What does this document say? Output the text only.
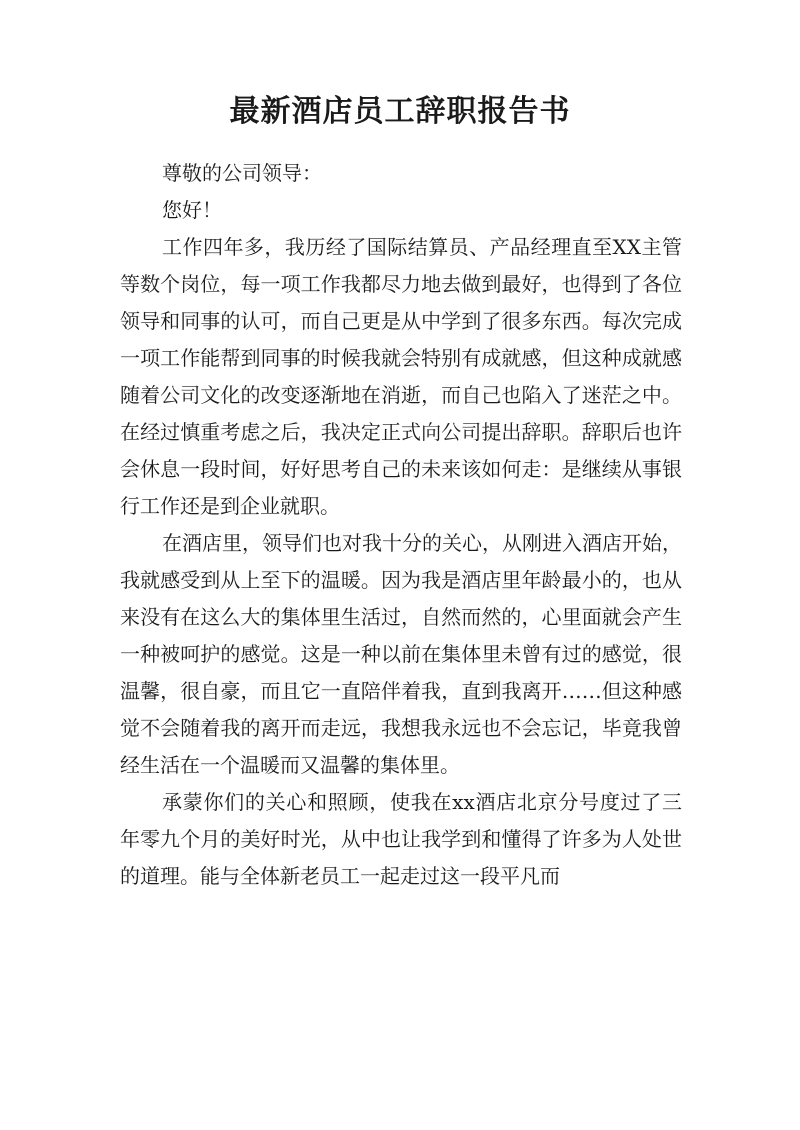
最新酒店员工辞职报告书

尊敬的公司领导：

您好！

工作四年多，我历经了国际结算员、产品经理直至XX主管等数个岗位，每一项工作我都尽力地去做到最好，也得到了各位领导和同事的认可，而自己更是从中学到了很多东西。每次完成一项工作能帮到同事的时候我就会特别有成就感，但这种成就感随着公司文化的改变逐渐地在消逝，而自己也陷入了迷茫之中。在经过慎重考虑之后，我决定正式向公司提出辞职。辞职后也许会休息一段时间，好好思考自己的未来该如何走：是继续从事银行工作还是到企业就职。

在酒店里，领导们也对我十分的关心，从刚进入酒店开始，我就感受到从上至下的温暖。因为我是酒店里年龄最小的，也从来没有在这么大的集体里生活过，自然而然的，心里面就会产生一种被呵护的感觉。这是一种以前在集体里未曾有过的感觉，很温馨，很自豪，而且它一直陪伴着我，直到我离开……但这种感觉不会随着我的离开而走远，我想我永远也不会忘记，毕竟我曾经生活在一个温暖而又温馨的集体里。

承蒙你们的关心和照顾，使我在xx酒店北京分号度过了三年零九个月的美好时光，从中也让我学到和懂得了许多为人处世的道理。能与全体新老员工一起走过这一段平凡而
